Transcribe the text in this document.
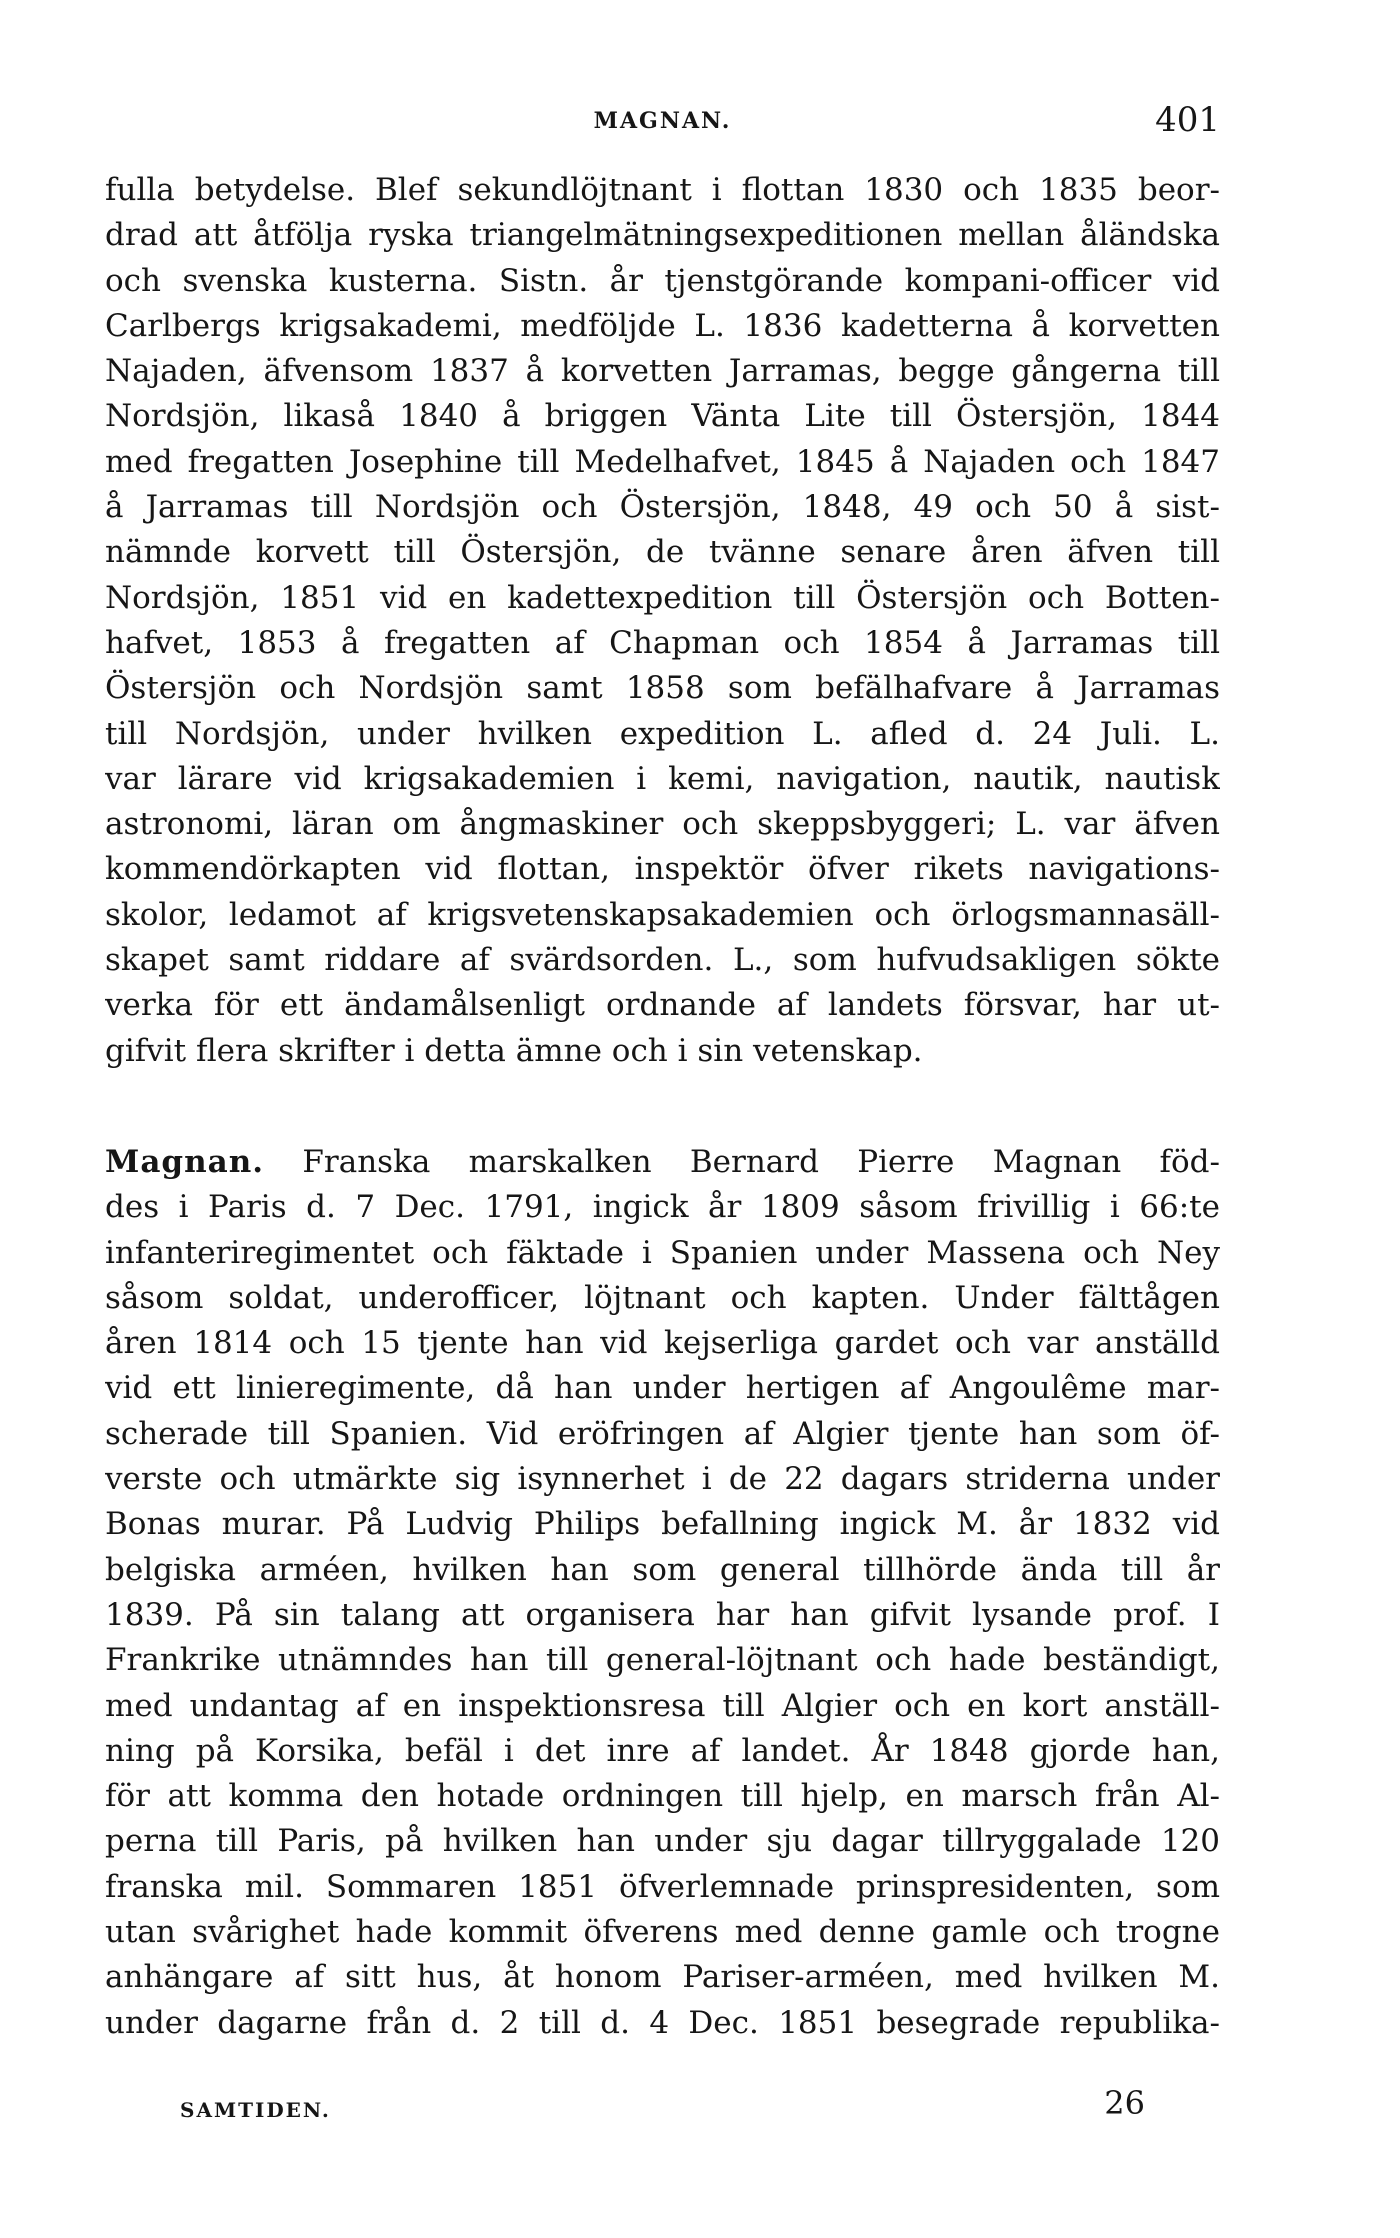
MAGNAN.	401
fulla betydelse. Blef sekundlöjtnant i flottan 1830 och 1835 beor-
drad att åtfölja ryska triangelmätningsexpeditionen mellan åländska
och svenska kusterna. Sistn. år tjenstgörande kompani-officer vid
Carlbergs krigsakademi, medföljde L. 1836 kadetterna å korvetten
Najaden, äfvensom 1837 å korvetten Jarramas, begge gångerna till
Nordsjön, likaså 1840 å briggen Vänta Lite till Östersjön, 1844
med fregatten Josephine till Medelhafvet, 1845 å Najaden och 1847
å Jarramas till Nordsjön och Östersjön, 1848, 49 och 50 å sist-
nämnde korvett till Östersjön, de tvänne senare åren äfven till
Nordsjön, 1851 vid en kadettexpedition till Östersjön och Botten-
hafvet, 1853 å fregatten af Chapman och 1854 å Jarramas till
Östersjön och Nordsjön samt 1858 som befälhafvare å Jarramas
till Nordsjön, under hvilken expedition L. afled d. 24 Juli. L.
var lärare vid krigsakademien i kemi, navigation, nautik, nautisk
astronomi, läran om ångmaskiner och skeppsbyggeri; L. var äfven
kommendörkapten vid flottan, inspektör öfver rikets navigations-
skolor, ledamot af krigsvetenskapsakademien och örlogsmannasäll-
skapet samt riddare af svärdsorden. L., som hufvudsakligen sökte
verka för ett ändamålsenligt ordnande af landets försvar, har ut-
gifvit flera skrifter i detta ämne och i sin vetenskap.
Magnan. Franska marskalken Bernard Pierre Magnan föd-
des i Paris d. 7 Dec. 1791, ingick år 1809 såsom frivillig i 66:te
infanteriregimentet och fäktade i Spanien under Massena och Ney
såsom soldat, underofficer, löjtnant och kapten. Under fälttågen
åren 1814 och 15 tjente han vid kejserliga gardet och var anställd
vid ett linieregimente, då han under hertigen af Angoulême mar-
scherade till Spanien. Vid eröfringen af Algier tjente han som öf-
verste och utmärkte sig isynnerhet i de 22 dagars striderna under
Bonas murar. På Ludvig Philips befallning ingick M. år 1832 vid
belgiska arméen, hvilken han som general tillhörde ända till år
1839. På sin talang att organisera har han gifvit lysande prof. I
Frankrike utnämndes han till general-löjtnant och hade beständigt,
med undantag af en inspektionsresa till Algier och en kort anställ-
ning på Korsika, befäl i det inre af landet. År 1848 gjorde han,
för att komma den hotade ordningen till hjelp, en marsch från Al-
perna till Paris, på hvilken han under sju dagar tillryggalade 120
franska mil. Sommaren 1851 öfverlemnade prinspresidenten, som
utan svårighet hade kommit öfverens med denne gamle och trogne
anhängare af sitt hus, åt honom Pariser-arméen, med hvilken M.
under dagarne från d. 2 till d. 4 Dec. 1851 besegrade republika-
SAMTIDEN.	26
